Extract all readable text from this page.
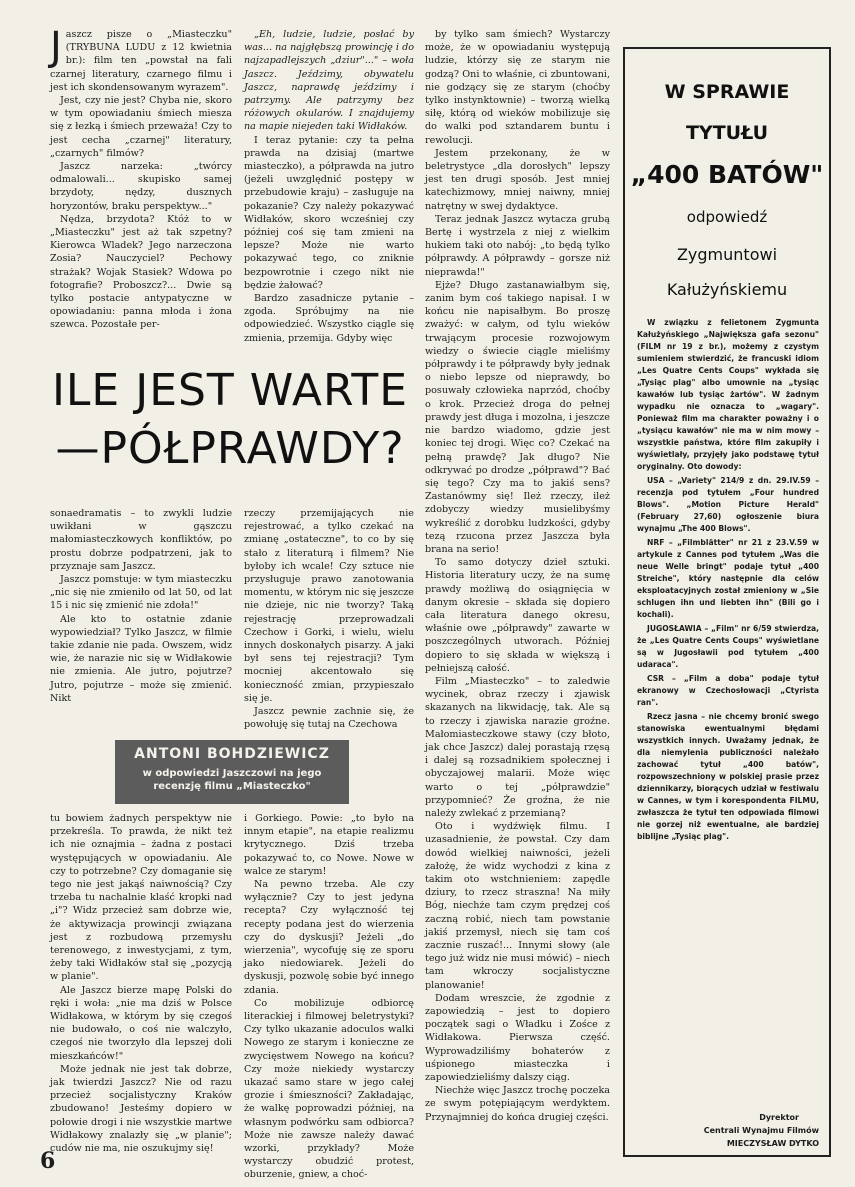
J aszcz pisze o „Miasteczku" (TRYBUNA LUDU z 12 kwietnia br.): film ten „powstał na fali czarnej literatury, czarnego filmu i jest ich skondensowanym wyrazem".

Jest, czy nie jest? Chyba nie, skoro w tym opowiadaniu śmiech miesza się z łezką i śmiech przeważa! Czy to jest cecha „czarnej" literatury, „czarnych" filmów?

Jaszcz narzeka: „twórcy odmalowali... skupisko samej brzydoty, nędzy, dusznych horyzontów, braku perspektyw..."

Nędza, brzydota? Któż to w „Miasteczku" jest aż tak szpetny? Kierowca Wladek? Jego narzeczona Zosia? Nauczyciel? Pechowy strażak? Wojak Stasiek? Wdowa po fotografie? Proboszcz?... Dwie są tylko postacie antypatyczne w opowiadaniu: panna młoda i żona szewca. Pozostałe per-

„Eh, ludzie, ludzie, posłać by was... na najgłębszą prowincję i do najzapadlejszych „dziur"..." – woła Jaszcz. Jeździmy, obywatelu Jaszcz, naprawdę jeździmy i patrzymy. Ale patrzymy bez różowych okularów. I znajdujemy na mapie niejeden taki Widłaków.

I teraz pytanie: czy ta pełna prawda na dzisiaj (martwe miasteczko), a półprawda na jutro (jeżeli uwzględnić postępy w przebudowie kraju) – zasługuje na pokazanie? Czy należy pokazywać Widłaków, skoro wcześniej czy później coś się tam zmieni na lepsze? Może nie warto pokazywać tego, co zniknie bezpowrotnie i czego nikt nie będzie żałować?

Bardzo zasadnicze pytanie – zgoda. Spróbujmy na nie odpowiedzieć. Wszystko ciągle się zmienia, przemija. Gdyby więc

by tylko sam śmiech? Wystarczy może, że w opowiadaniu występują ludzie, którzy się ze starym nie godzą? Oni to właśnie, ci zbuntowani, nie godzący się ze starym (choćby tylko instynktownie) – tworzą wielką siłę, którą od wieków mobilizuje się do walki pod sztandarem buntu i rewolucji.

Jestem przekonany, że w beletrystyce „dla dorosłych" lepszy jest ten drugi sposób. Jest mniej katechizmowy, mniej naiwny, mniej natrętny w swej dydaktyce.

Teraz jednak Jaszcz wytacza grubą Bertę i wystrzela z niej z wielkim hukiem taki oto nabój: „to będą tylko półprawdy. A półprawdy – gorsze niż nieprawda!"

Ejże? Długo zastanawiałbym się, zanim bym coś takiego napisał. I w końcu nie napisałbym. Bo proszę zważyć: w całym, od tylu wieków trwającym procesie rozwojowym wiedzy o świecie ciągle mieliśmy półprawdy i te półprawdy były jednak o niebo lepsze od nieprawdy, bo posuwały człowieka naprzód, choćby o krok. Przecież droga do pełnej prawdy jest długa i mozolna, i jeszcze nie bardzo wiadomo, gdzie jest koniec tej drogi. Więc co? Czekać na pełną prawdę? Jak długo? Nie odkrywać po drodze „półprawd"? Bać się tego? Czy ma to jakiś sens? Zastanówmy się! Ileż rzeczy, ileż zdobyczy wiedzy musielibyśmy wykreślić z dorobku ludzkości, gdyby tezą rzucona przez Jaszcza była brana na serio!

To samo dotyczy dzieł sztuki. Historia literatury uczy, że na sumę prawdy możliwą do osiągnięcia w danym okresie – składa się dopiero cała literatura danego okresu, właśnie owe „półprawdy" zawarte w poszczególnych utworach. Później dopiero to się składa w większą i pełniejszą całość.

Film „Miasteczko" – to zaledwie wycinek, obraz rzeczy i zjawisk skazanych na likwidację, tak. Ale są to rzeczy i zjawiska narazie groźne. Małomiasteczkowe stawy (czy błoto, jak chce Jaszcz) dalej porastają rzęsą i dalej są rozsadnikiem społecznej i obyczajowej malarii. Może więc warto o tej „półprawdzie" przypomnieć? Że groźna, że nie należy zwlekać z przemianą?

Oto i wydźwięk filmu. I uzasadnienie, że powstał. Czy dam dowód wielkiej naiwności, jeżeli założę, że widz wychodzi z kina z takim oto wstchnieniem: zapędle dziury, to rzecz straszna! Na miły Bóg, niechże tam czym prędzej coś zaczną robić, niech tam powstanie jakiś przemysł, niech się tam coś zacznie ruszać!... Innymi słowy (ale tego już widz nie musi mówić) – niech tam wkroczy socjalistyczne planowanie!

Dodam wreszcie, że zgodnie z zapowiedzią – jest to dopiero początek sagi o Władku i Zośce z Widłakowa. Pierwsza część. Wyprowadziliśmy bohaterów z uśpionego miasteczka i zapowiedzieliśmy dalszy ciąg.

Niechże więc Jaszcz trochę poczeka ze swym potępiającym werdyktem. Przynajmniej do końca drugiej części.

ILE JEST WARTE
—PÓŁPRAWDY?

sonaedramatis – to zwykli ludzie uwikłani w gąszczu małomiasteczkowych konfliktów, po prostu dobrze podpatrzeni, jak to przyznaje sam Jaszcz.

Jaszcz pomstuje: w tym miasteczku „nic się nie zmieniło od lat 50, od lat 15 i nic się zmienić nie zdoła!"

Ale kto to ostatnie zdanie wypowiedział? Tylko Jaszcz, w filmie takie zdanie nie pada. Owszem, widz wie, że narazie nic się w Widłakowie nie zmienia. Ale jutro, pojutrze? Jutro, pojutrze – może się zmienić. Nikt

rzeczy przemijających nie rejestrować, a tylko czekać na zmianę „ostateczne", to co by się stało z literaturą i filmem? Nie byłoby ich wcale! Czy sztuce nie przysługuje prawo zanotowania momentu, w którym nic się jeszcze nie dzieje, nic nie tworzy? Taką rejestrację przeprowadzali Czechow i Gorki, i wielu, wielu innych doskonałych pisarzy. A jaki był sens tej rejestracji? Tym mocniej akcentowało się konieczność zmian, przypieszało się je.

Jaszcz pewnie zachnie się, że powołuję się tutaj na Czechowa

ANTONI BOHDZIEWICZ
w odpowiedzi Jaszczowi na jego recenzję filmu „Miasteczko"

tu bowiem żadnych perspektyw nie przekreśla. To prawda, że nikt też ich nie oznajmia – żadna z postaci występujących w opowiadaniu. Ale czy to potrzebne? Czy domaganie się tego nie jest jakąś naiwnością? Czy trzeba tu nachalnie klaść kropki nad „i"? Widz przecież sam dobrze wie, że aktywizacja prowincji związana jest z rozbudową przemysłu terenowego, z inwestycjami, z tym, żeby taki Widłaków stał się „pozycją w planie".

Ale Jaszcz bierze mapę Polski do ręki i woła: „nie ma dziś w Polsce Widłakowa, w którym by się czegoś nie budowało, o coś nie walczyło, czegoś nie tworzyło dla lepszej doli mieszkańców!"

Może jednak nie jest tak dobrze, jak twierdzi Jaszcz? Nie od razu przecież socjalistyczny Kraków zbudowano! Jesteśmy dopiero w połowie drogi i nie wszystkie martwe Widłakowy znalazły się „w planie"; cudów nie ma, nie oszukujmy się!

i Gorkiego. Powie: „to było na innym etapie", na etapie realizmu krytycznego. Dziś trzeba pokazywać to, co Nowe. Nowe w walce ze starym!

Na pewno trzeba. Ale czy wyłącznie? Czy to jest jedyna recepta? Czy wyłączność tej recepty podana jest do wierzenia czy do dyskusji? Jeżeli „do wierzenia", wycofuję się ze sporu jako niedowiarek. Jeżeli do dyskusji, pozwolę sobie być innego zdania.

Co mobilizuje odbiorcę literackiej i filmowej beletrystyki? Czy tylko ukazanie adoculos walki Nowego ze starym i konieczne ze zwycięstwem Nowego na końcu? Czy może niekiedy wystarczy ukazać samo stare w jego całej grozie i śmieszności? Zakładając, że walkę poprowadzi później, na własnym podwórku sam odbiorca? Może nie zawsze należy dawać wzorki, przykłady? Może wystarczy obudzić protest, oburzenie, gniew, a choć-

W SPRAWIE
TYTUŁU
„400 BATÓW"
odpowiedź
Zygmuntowi
Kałużyńskiemu

W związku z felietonem Zygmunta Kałużyńskiego „Największa gafa sezonu" (FILM nr 19 z br.), możemy z czystym sumieniem stwierdzić, że francuski idiom „Les Quatre Cents Coups" wykłada się „Tysiąc plag" albo umownie na „tysiąc kawałów lub tysiąc żartów". W żadnym wypadku nie oznacza to „wagary". Ponieważ film ma charakter poważny i o „tysiącu kawałów" nie ma w nim mowy – wszystkie państwa, które film zakupiły i wyświetlały, przyjęły jako podstawę tytuł oryginalny. Oto dowody:

USA – „Variety" 214/9 z dn. 29.IV.59 – recenzja pod tytułem „Four hundred Blows". „Motion Picture Herald" (February 27,60) ogłoszenie biura wynajmu „The 400 Blows".

NRF – „Filmblätter" nr 21 z 23.V.59 w artykule z Cannes pod tytułem „Was die neue Welle bringt" podaje tytuł „400 Streiche", który następnie dla celów eksploatacyjnych został zmieniony w „Sie schlugen ihn und liebten ihn" (Bili go i kochali).

JUGOSŁAWIA – „Film" nr 6/59 stwierdza, że „Les Quatre Cents Coups" wyświetlane są w Jugosławii pod tytułem „400 udaraca".

CSR – „Film a doba" podaje tytuł ekranowy w Czechosłowacji „Ctyrista ran".

Rzecz jasna – nie chcemy bronić swego stanowiska ewentualnymi błędami wszystkich innych. Uważamy jednak, że dla niemylenia publiczności należało zachować tytuł „400 batów", rozpowszechniony w polskiej prasie przez dziennikarzy, biorących udział w festiwalu w Cannes, w tym i korespondenta FILMU, zwłaszcza że tytuł ten odpowiada filmowi nie gorzej niż ewentualne, ale bardziej biblijne „Tysiąc plag".

Dyrektor
Centrali Wynajmu Filmów
MIECZYSŁAW DYTKO
6
